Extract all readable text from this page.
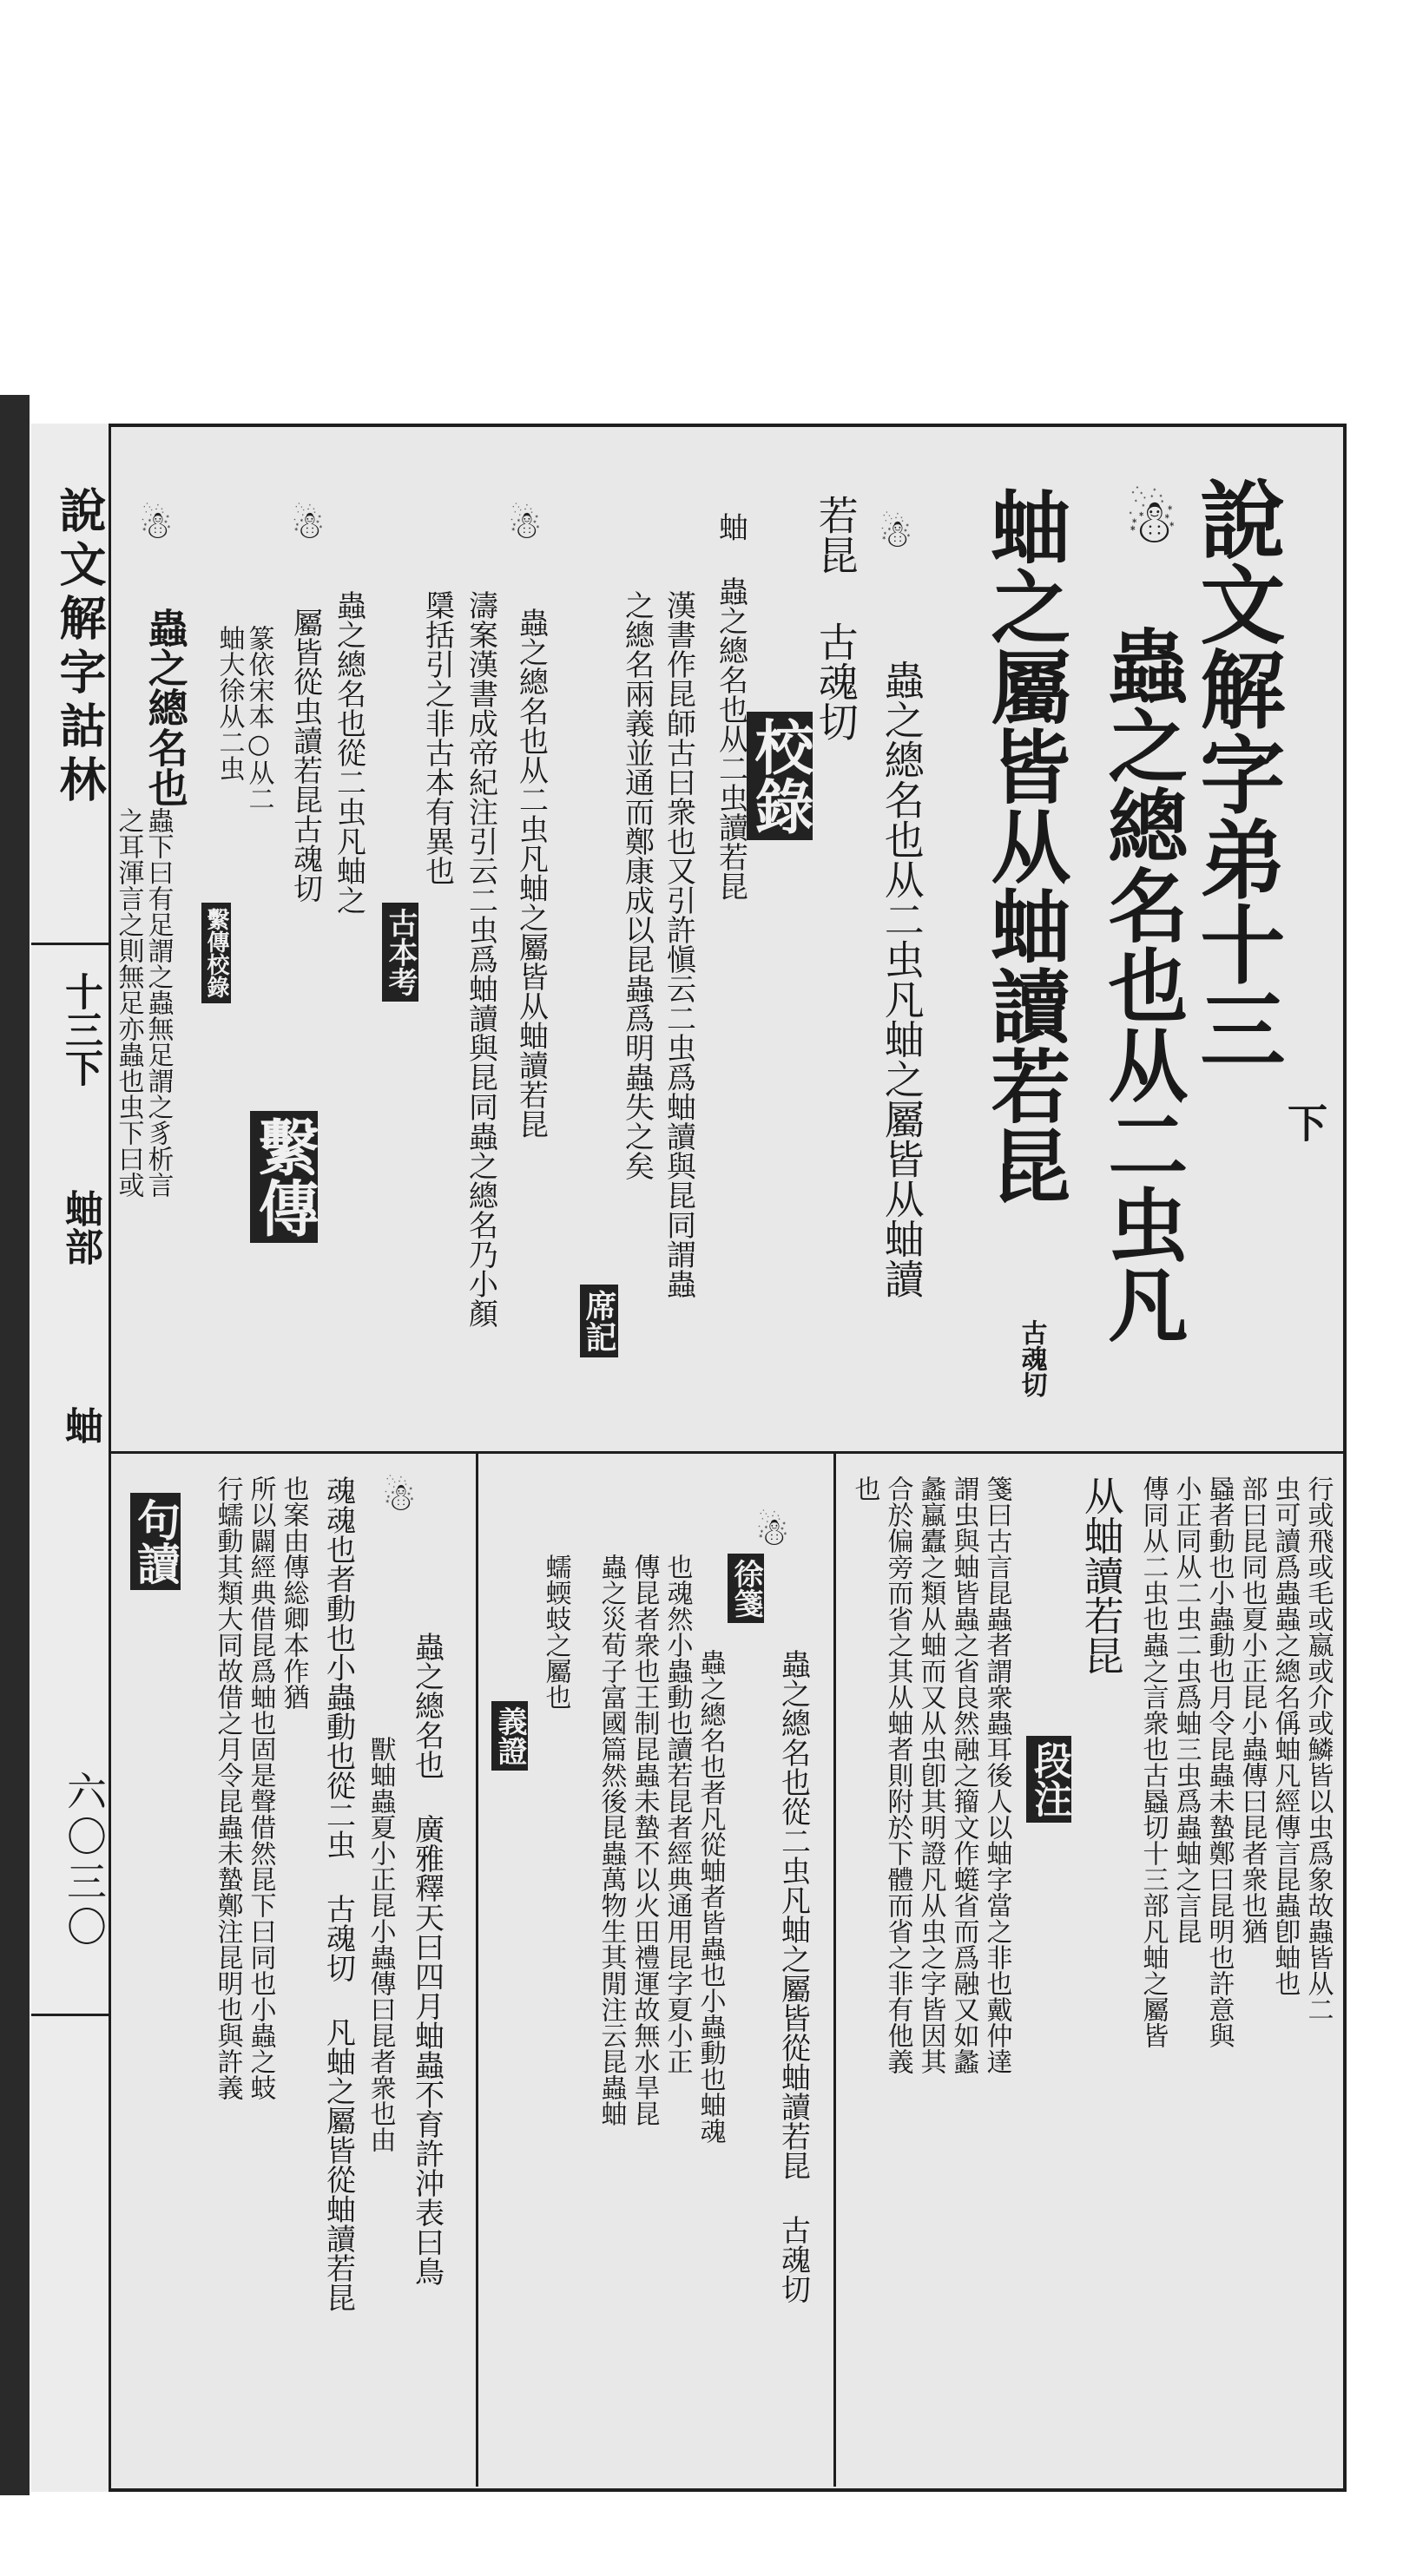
說文解字詁林
十三下
蚰部
蚰
六〇三〇
說文解字弟十三
下
☃
蟲之總名也从二虫凡
蚰之屬皆从蚰讀若昆
古魂切
☃
蟲之總名也从二虫凡蚰之屬皆从蚰讀
若昆 古魂切
校錄
蚰 蟲之總名也从二虫讀若昆
漢書作昆師古曰衆也又引許愼云二虫爲蚰讀與昆同謂蟲
之總名兩義並通而鄭康成以昆蟲爲明蟲失之矣
席記
☃
蟲之總名也从二虫凡蚰之屬皆从蚰讀若昆
濤案漢書成帝紀注引云二虫爲蚰讀與昆同蟲之總名乃小顏
檃括引之非古本有異也
古本考
☃
蟲之總名也從二虫凡蚰之
屬皆從虫讀若昆古魂切
篆依宋本○从二
蚰大徐从二虫
繫傳校錄
繫傳
☃
蟲之總名也
之耳渾言之則無足亦蟲也虫下曰或 蟲下曰有足謂之蟲無足謂之豸析言
行或飛或毛或嬴或介或鱗皆以虫爲象故蟲皆从二
虫可讀爲蟲蟲之總名偁蚰凡經傳言昆蟲卽蚰也
部曰昆同也夏小正昆小蟲傳曰昆者衆也猶
蟁者動也小蟲動也月令昆蟲未蟄鄭曰昆明也許意與
小正同从二虫二虫爲蚰三虫爲蟲蚰之言昆
傳同从二虫也蟲之言衆也古蟁切十三部凡蚰之屬皆
从蚰讀若昆
段注
箋曰古言昆蟲者謂衆蟲耳後人以蚰字當之非也戴仲達
謂虫與蚰皆蟲之省良然融之籀文作䗴省而爲融又如蠡
蠡蠃蠹之類从蚰而又从虫卽其明證凡从虫之字皆因其
合於偏旁而省之其从蚰者則附於下體而省之非有他義
也
徐箋
☃
蟲之總名也從二虫凡蚰之屬皆從蚰讀若昆 古魂切
蟲之總名也者凡從蚰者皆蟲也小蟲動也蚰魂
也魂然小蟲動也讀若昆者經典通用昆字夏小正
傳昆者衆也王制昆蟲未蟄不以火田禮運故無水旱昆
蟲之災荀子富國篇然後昆蟲萬物生其閒注云昆蟲蚰
蠕蝡蚑之屬也
義證
☃
蟲之總名也 廣雅釋天曰四月蚰蟲不育許沖表曰鳥
獸蚰蟲夏小正昆小蟲傳曰昆者衆也由
魂魂也者動也小蟲動也從二虫 古魂切 凡蚰之屬皆從蚰讀若昆
也案由傳総卿本作猶
所以闢經典借昆爲蚰也固是聲借然昆下曰同也小蟲之蚑
行蠕動其類大同故借之月令昆蟲未蟄鄭注昆明也與許義
句讀
